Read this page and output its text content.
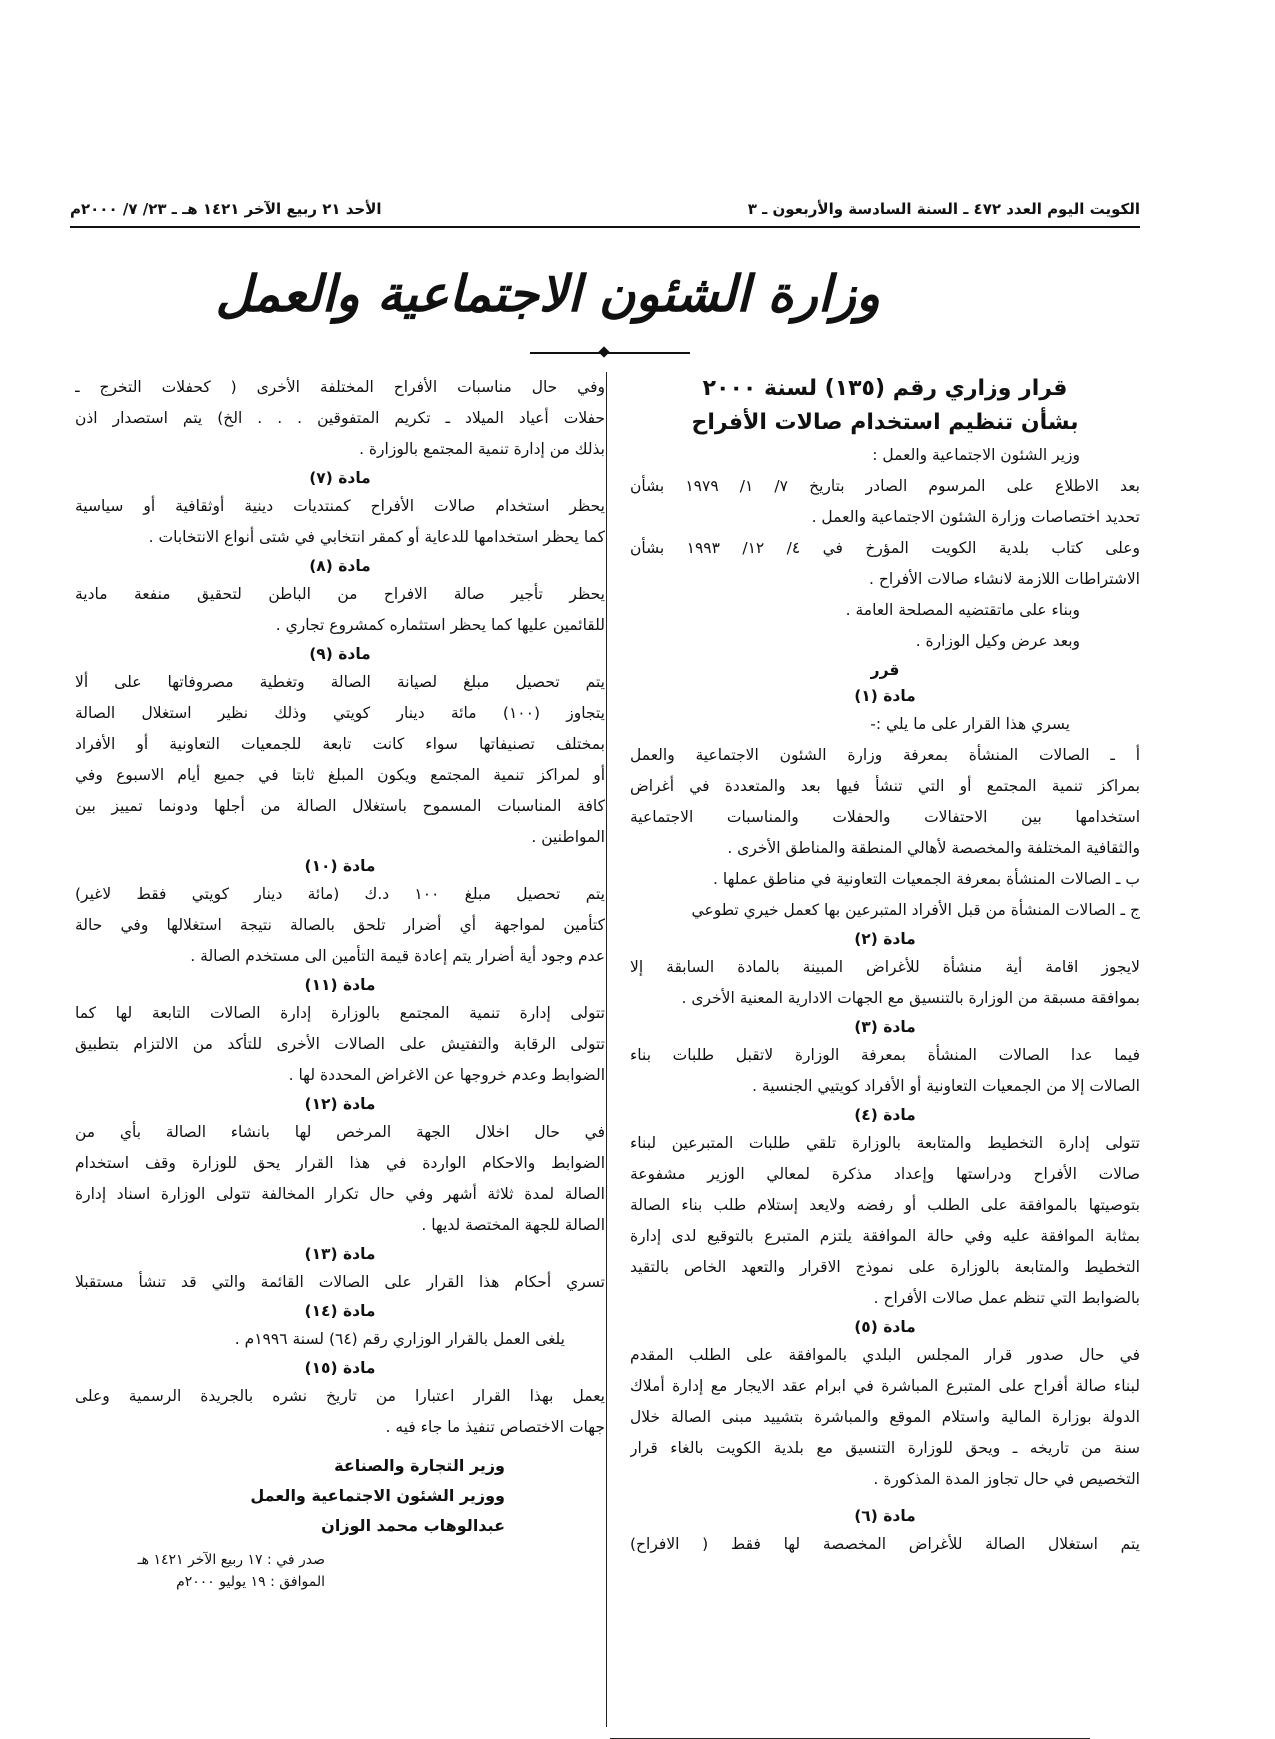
الكويت اليوم العدد ٤٧٢ ـ السنة السادسة والأربعون ـ ٣
الأحد ٢١ ربيع الآخر ١٤٢١ هـ ـ ٢٣/ ٧/ ٢٠٠٠م
وزارة الشئون الاجتماعية والعمل
قرار وزاري رقم (١٣٥) لسنة ٢٠٠٠
بشأن تنظيم استخدام صالات الأفراح
وزير الشئون الاجتماعية والعمل :
بعد الاطلاع على المرسوم الصادر بتاريخ ٧/ ١/ ١٩٧٩ بشأن
تحديد اختصاصات وزارة الشئون الاجتماعية والعمل .
وعلى كتاب بلدية الكويت المؤرخ في ٤/ ١٢/ ١٩٩٣ بشأن
الاشتراطات اللازمة لانشاء صالات الأفراح .
وبناء على ماتقتضيه المصلحة العامة .
وبعد عرض وكيل الوزارة .
قرر
مادة (١)
يسري هذا القرار على ما يلي :-
أ ـ الصالات المنشأة بمعرفة وزارة الشئون الاجتماعية والعمل
بمراكز تنمية المجتمع أو التي تنشأ فيها بعد والمتعددة في أغراض
استخدامها بين الاحتفالات والحفلات والمناسبات الاجتماعية
والثقافية المختلفة والمخصصة لأهالي المنطقة والمناطق الأخرى .
ب ـ الصالات المنشأة بمعرفة الجمعيات التعاونية في مناطق عملها .
ج ـ الصالات المنشأة من قبل الأفراد المتبرعين بها كعمل خيري تطوعي
مادة (٢)
لايجوز اقامة أية منشأة للأغراض المبينة بالمادة السابقة إلا
بموافقة مسبقة من الوزارة بالتنسيق مع الجهات الادارية المعنية الأخرى .
مادة (٣)
فيما عدا الصالات المنشأة بمعرفة الوزارة لاتقبل طلبات بناء
الصالات إلا من الجمعيات التعاونية أو الأفراد كويتيي الجنسية .
مادة (٤)
تتولى إدارة التخطيط والمتابعة بالوزارة تلقي طلبات المتبرعين لبناء
صالات الأفراح ودراستها وإعداد مذكرة لمعالي الوزير مشفوعة
بتوصيتها بالموافقة على الطلب أو رفضه ولايعد إستلام طلب بناء الصالة
بمثابة الموافقة عليه وفي حالة الموافقة يلتزم المتبرع بالتوقيع لدى إدارة
التخطيط والمتابعة بالوزارة على نموذج الاقرار والتعهد الخاص بالتقيد
بالضوابط التي تنظم عمل صالات الأفراح .
مادة (٥)
في حال صدور قرار المجلس البلدي بالموافقة على الطلب المقدم
لبناء صالة أفراح على المتبرع المباشرة في ابرام عقد الايجار مع إدارة أملاك
الدولة بوزارة المالية واستلام الموقع والمباشرة بتشييد مبنى الصالة خلال
سنة من تاريخه ـ ويحق للوزارة التنسيق مع بلدية الكويت بالغاء قرار
التخصيص في حال تجاوز المدة المذكورة .
مادة (٦)
يتم استغلال الصالة للأغراض المخصصة لها فقط ( الافراح)
وفي حال مناسبات الأفراح المختلفة الأخرى ( كحفلات التخرج ـ
حفلات أعياد الميلاد ـ تكريم المتفوقين . . . الخ) يتم استصدار اذن
بذلك من إدارة تنمية المجتمع بالوزارة .
مادة (٧)
يحظر استخدام صالات الأفراح كمنتديات دينية أوثقافية أو سياسية
كما يحظر استخدامها للدعاية أو كمقر انتخابي في شتى أنواع الانتخابات .
مادة (٨)
يحظر تأجير صالة الافراح من الباطن لتحقيق منفعة مادية
للقائمين عليها كما يحظر استثماره كمشروع تجاري .
مادة (٩)
يتم تحصيل مبلغ لصيانة الصالة وتغطية مصروفاتها على ألا
يتجاوز (١٠٠) مائة دينار كويتي وذلك نظير استغلال الصالة
بمختلف تصنيفاتها سواء كانت تابعة للجمعيات التعاونية أو الأفراد
أو لمراكز تنمية المجتمع ويكون المبلغ ثابتا في جميع أيام الاسبوع وفي
كافة المناسبات المسموح باستغلال الصالة من أجلها ودونما تمييز بين
المواطنين .
مادة (١٠)
يتم تحصيل مبلغ ١٠٠ د.ك (مائة دينار كويتي فقط لاغير)
كتأمين لمواجهة أي أضرار تلحق بالصالة نتيجة استغلالها وفي حالة
عدم وجود أية أضرار يتم إعادة قيمة التأمين الى مستخدم الصالة .
مادة (١١)
تتولى إدارة تنمية المجتمع بالوزارة إدارة الصالات التابعة لها كما
تتولى الرقابة والتفتيش على الصالات الأخرى للتأكد من الالتزام بتطبيق
الضوابط وعدم خروجها عن الاغراض المحددة لها .
مادة (١٢)
في حال اخلال الجهة المرخص لها بانشاء الصالة بأي من
الضوابط والاحكام الواردة في هذا القرار يحق للوزارة وقف استخدام
الصالة لمدة ثلاثة أشهر وفي حال تكرار المخالفة تتولى الوزارة اسناد إدارة
الصالة للجهة المختصة لديها .
مادة (١٣)
تسري أحكام هذا القرار على الصالات القائمة والتي قد تنشأ مستقبلا
مادة (١٤)
يلغى العمل بالقرار الوزاري رقم (٦٤) لسنة ١٩٩٦م .
مادة (١٥)
يعمل بهذا القرار اعتبارا من تاريخ نشره بالجريدة الرسمية وعلى
جهات الاختصاص تنفيذ ما جاء فيه .
وزير التجارة والصناعة
ووزير الشئون الاجتماعية والعمل
عبدالوهاب محمد الوزان
صدر في : ١٧ ربيع الآخر ١٤٢١ هـ
الموافق : ١٩ يوليو ٢٠٠٠م
